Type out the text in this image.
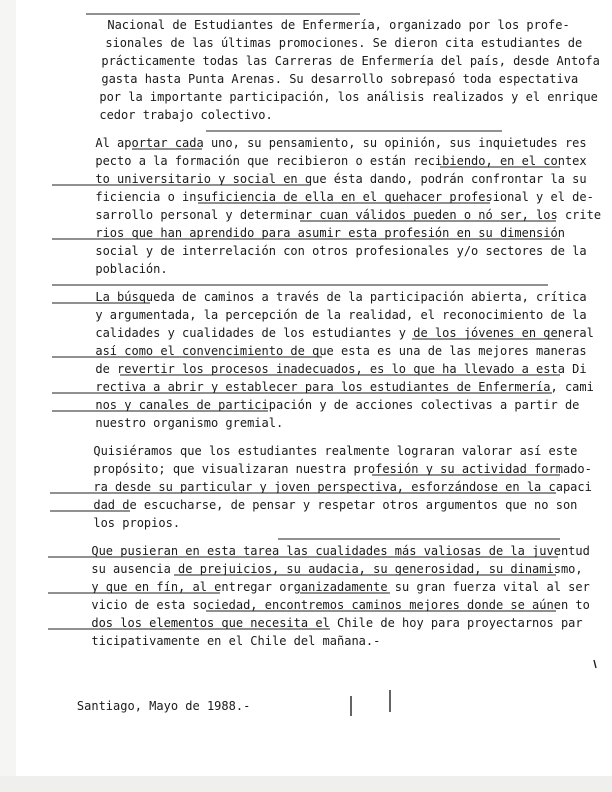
Nacional de Estudiantes de Enfermería, organizado por los profe-

sionales de las últimas promociones. Se dieron cita estudiantes de

prácticamente todas las Carreras de Enfermería del país, desde Antofa

gasta hasta Punta Arenas. Su desarrollo sobrepasó toda espectativa

por la importante participación, los análisis realizados y el enrique

cedor trabajo colectivo.

Al aportar cada uno, su pensamiento, su opinión, sus inquietudes res

pecto a la formación que recibieron o están recibiendo, en el contex

to universitario y social en que ésta dando, podrán confrontar la su

ficiencia o insuficiencia de ella en el quehacer profesional y el de-

sarrollo personal y determinar cuan válidos pueden o nó ser, los crite

rios que han aprendido para asumir esta profesión en su dimensión

social y de interrelación con otros profesionales y/o sectores de la

población.

La búsqueda de caminos a través de la participación abierta, crítica

y argumentada, la percepción de la realidad, el reconocimiento de la

calidades y cualidades de los estudiantes y de los jóvenes en general

así como el convencimiento de que esta es una de las mejores maneras

de revertir los procesos inadecuados, es lo que ha llevado a esta Di

rectiva a abrir y establecer para los estudiantes de Enfermería, cami

nos y canales de participación y de acciones colectivas a partir de

nuestro organismo gremial.

Quisiéramos que los estudiantes realmente lograran valorar así este

propósito; que visualizaran nuestra profesión y su actividad formado-

ra desde su particular y joven perspectiva, esforzándose en la capaci

dad de escucharse, de pensar y respetar otros argumentos que no son

los propios.

Que pusieran en esta tarea las cualidades más valiosas de la juventud

su ausencia de prejuicios, su audacia, su generosidad, su dinamismo,

y que en fín, al entregar organizadamente su gran fuerza vital al ser

vicio de esta sociedad, encontremos caminos mejores donde se aúnen to

dos los elementos que necesita el Chile de hoy para proyectarnos par

ticipativamente en el Chile del mañana.-

Santiago, Mayo de 1988.-
